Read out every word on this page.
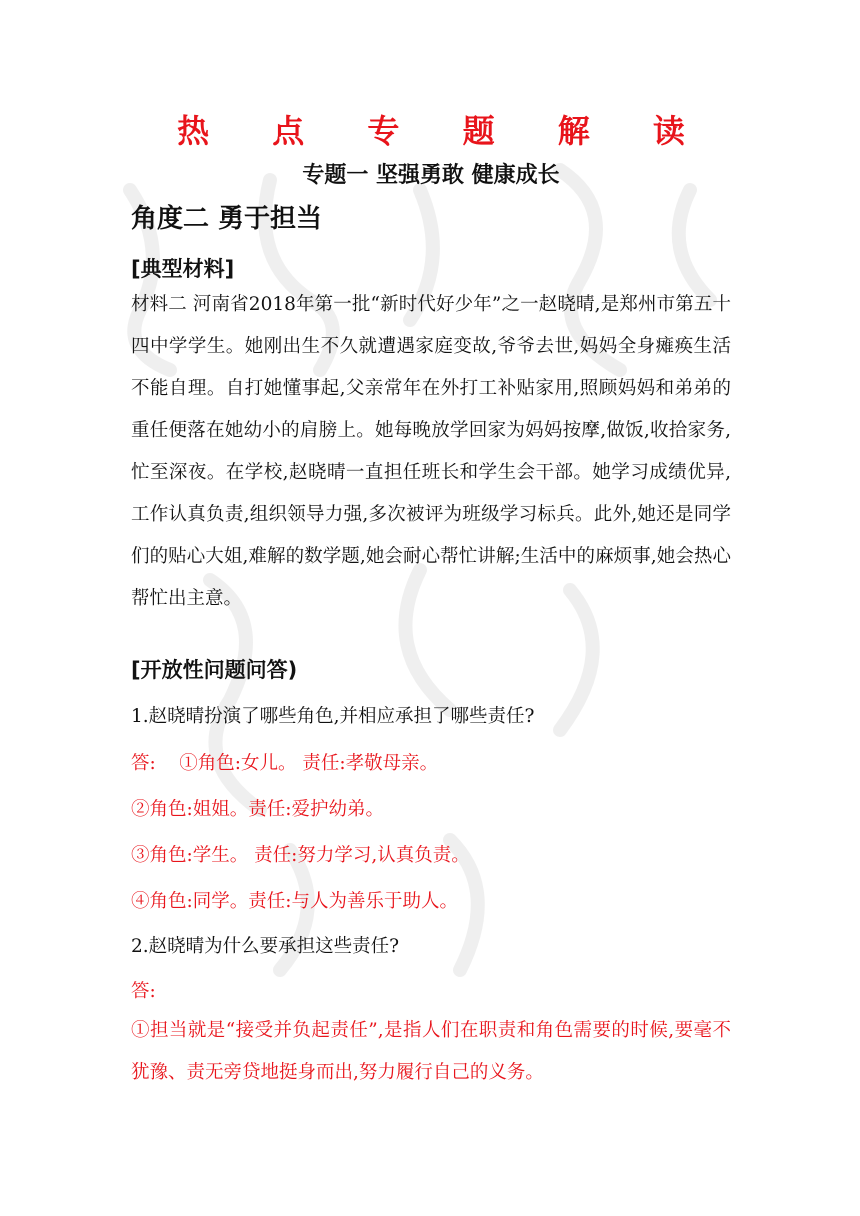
热 点 专 题 解 读
专题一 坚强勇敢 健康成长
角度二 勇于担当
[典型材料]
材料二 河南省2018年第一批“新时代好少年”之一赵晓晴,是郑州市第五十四中学学生。她刚出生不久就遭遇家庭变故,爷爷去世,妈妈全身瘫痪生活不能自理。自打她懂事起,父亲常年在外打工补贴家用,照顾妈妈和弟弟的重任便落在她幼小的肩膀上。她每晚放学回家为妈妈按摩,做饭,收拾家务,忙至深夜。在学校,赵晓晴一直担任班长和学生会干部。她学习成绩优异,工作认真负责,组织领导力强,多次被评为班级学习标兵。此外,她还是同学们的贴心大姐,难解的数学题,她会耐心帮忙讲解;生活中的麻烦事,她会热心帮忙出主意。
[开放性问题问答)
1.赵晓晴扮演了哪些角色,并相应承担了哪些责任?
答:    ①角色:女儿。 责任:孝敬母亲。
②角色:姐姐。责任:爱护幼弟。
③角色:学生。 责任:努力学习,认真负责。
④角色:同学。责任:与人为善乐于助人。
2.赵晓晴为什么要承担这些责任?
答:
①担当就是“接受并负起责任”,是指人们在职责和角色需要的时候,要毫不犹豫、责无旁贷地挺身而出,努力履行自己的义务。
